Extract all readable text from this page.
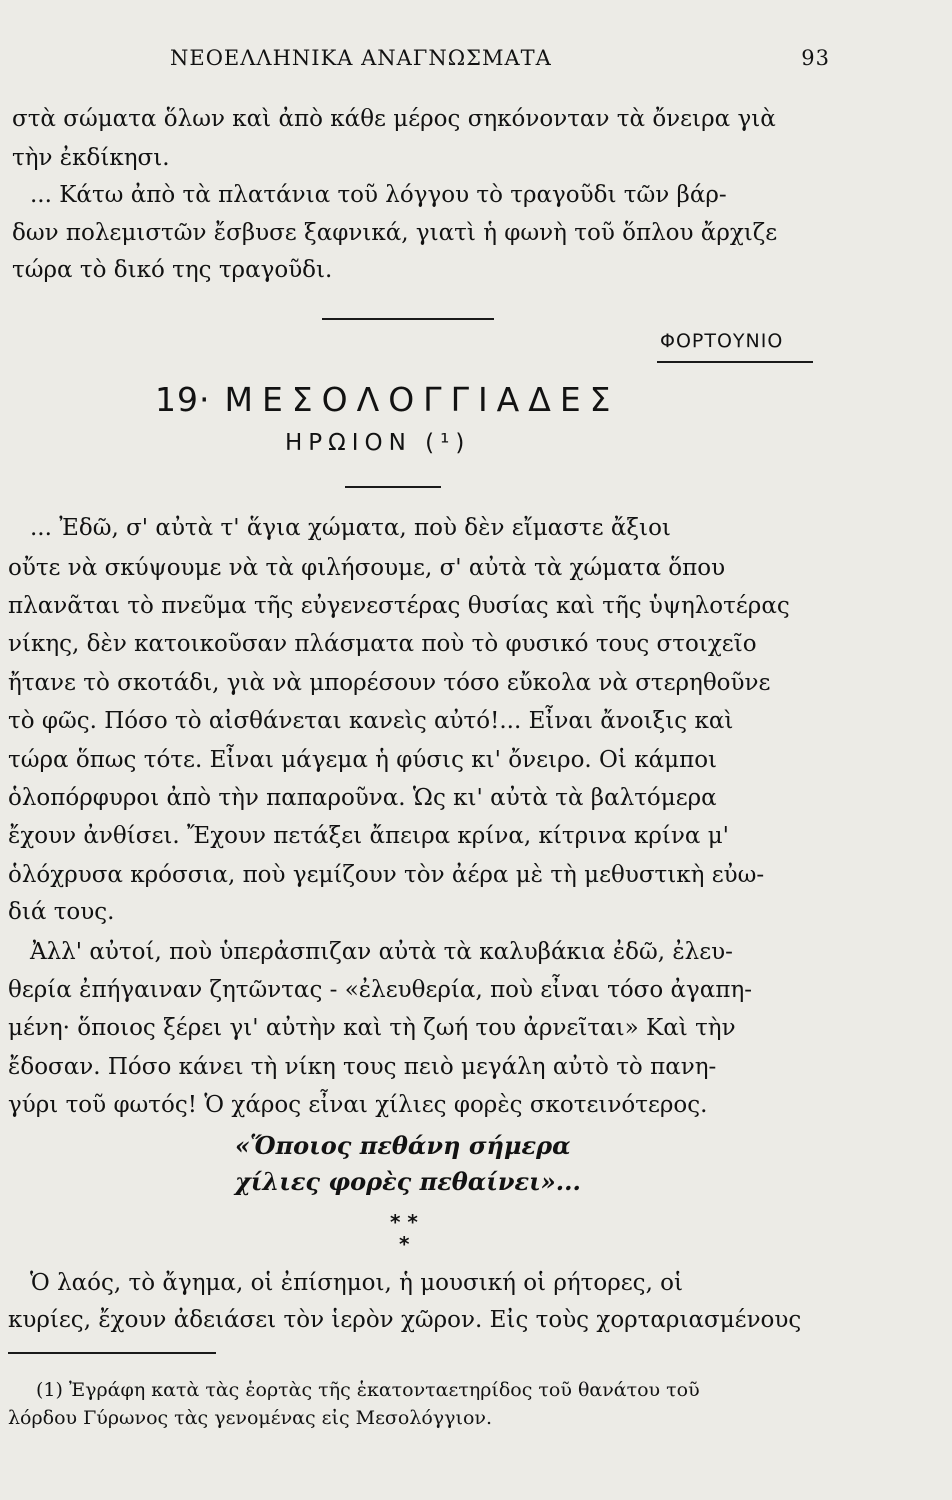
ΝΕΟΕΛΛΗΝΙΚΑ ΑΝΑΓΝΩΣΜΑΤΑ	93
στὰ σώματα ὅλων καὶ ἀπὸ κάθε μέρος σηκόνονταν τὰ ὄνειρα γιὰ
τὴν ἐκδίκησι.
... Κάτω ἀπὸ τὰ πλατάνια τοῦ λόγγου τὸ τραγοῦδι τῶν βάρ-
δων πολεμιστῶν ἔσβυσε ξαφνικά, γιατὶ ἡ φωνὴ τοῦ ὅπλου ἄρχιζε
τώρα τὸ δικό της τραγοῦδι.
ΦΟΡΤΟΥΝΙΟ
19· ΜΕΣΟΛΟΓΓΙΑΔΕΣ
ΗΡΩΙΟΝ (¹)
... Ἐδῶ, σ' αὐτὰ τ' ἅγια χώματα, ποὺ δὲν εἴμαστε ἄξιοι
οὔτε νὰ σκύψουμε νὰ τὰ φιλήσουμε, σ' αὐτὰ τὰ χώματα ὅπου
πλανᾶται τὸ πνεῦμα τῆς εὐγενεστέρας θυσίας καὶ τῆς ὑψηλοτέρας
νίκης, δὲν κατοικοῦσαν πλάσματα ποὺ τὸ φυσικό τους στοιχεῖο
ἤτανε τὸ σκοτάδι, γιὰ νὰ μπορέσουν τόσο εὔκολα νὰ στερηθοῦνε
τὸ φῶς. Πόσο τὸ αἰσθάνεται κανεὶς αὐτό!... Εἶναι ἄνοιξις καὶ
τώρα ὅπως τότε. Εἶναι μάγεμα ἡ φύσις κι' ὄνειρο. Οἱ κάμποι
ὁλοπόρφυροι ἀπὸ τὴν παπαροῦνα. Ὡς κι' αὐτὰ τὰ βαλτόμερα
ἔχουν ἀνθίσει. Ἔχουν πετάξει ἄπειρα κρίνα, κίτρινα κρίνα μ'
ὁλόχρυσα κρόσσια, ποὺ γεμίζουν τὸν ἀέρα μὲ τὴ μεθυστικὴ εὐω-
διά τους.
Ἀλλ' αὐτοί, ποὺ ὑπερἀσπιζαν αὐτὰ τὰ καλυβάκια ἐδῶ, ἐλευ-
θερία ἐπήγαιναν ζητῶντας - «ἐλευθερία, ποὺ εἶναι τόσο ἀγαπη-
μένη· ὅποιος ξέρει γι' αὐτὴν καὶ τὴ ζωή του ἀρνεῖται» Καὶ τὴν
ἔδοσαν. Πόσο κάνει τὴ νίκη τους πειὸ μεγάλη αὐτὸ τὸ πανη-
γύρι τοῦ φωτός! Ὁ χάρος εἶναι χίλιες φορὲς σκοτεινότερος.
«Ὅποιος πεθάνη σήμερα
χίλιες φορὲς πεθαίνει»...
* *
*
Ὁ λαός, τὸ ἄγημα, οἱ ἐπίσημοι, ἡ μουσική οἱ ρήτορες, οἱ
κυρίες, ἔχουν ἀδειάσει τὸν ἱερὸν χῶρον. Εἰς τοὺς χορταριασμένους
(1) Ἐγράφη κατὰ τὰς ἑορτὰς τῆς ἑκατονταετηρίδος τοῦ θανάτου τοῦ
λόρδου Γύρωνος τὰς γενομένας εἰς Μεσολόγγιον.
